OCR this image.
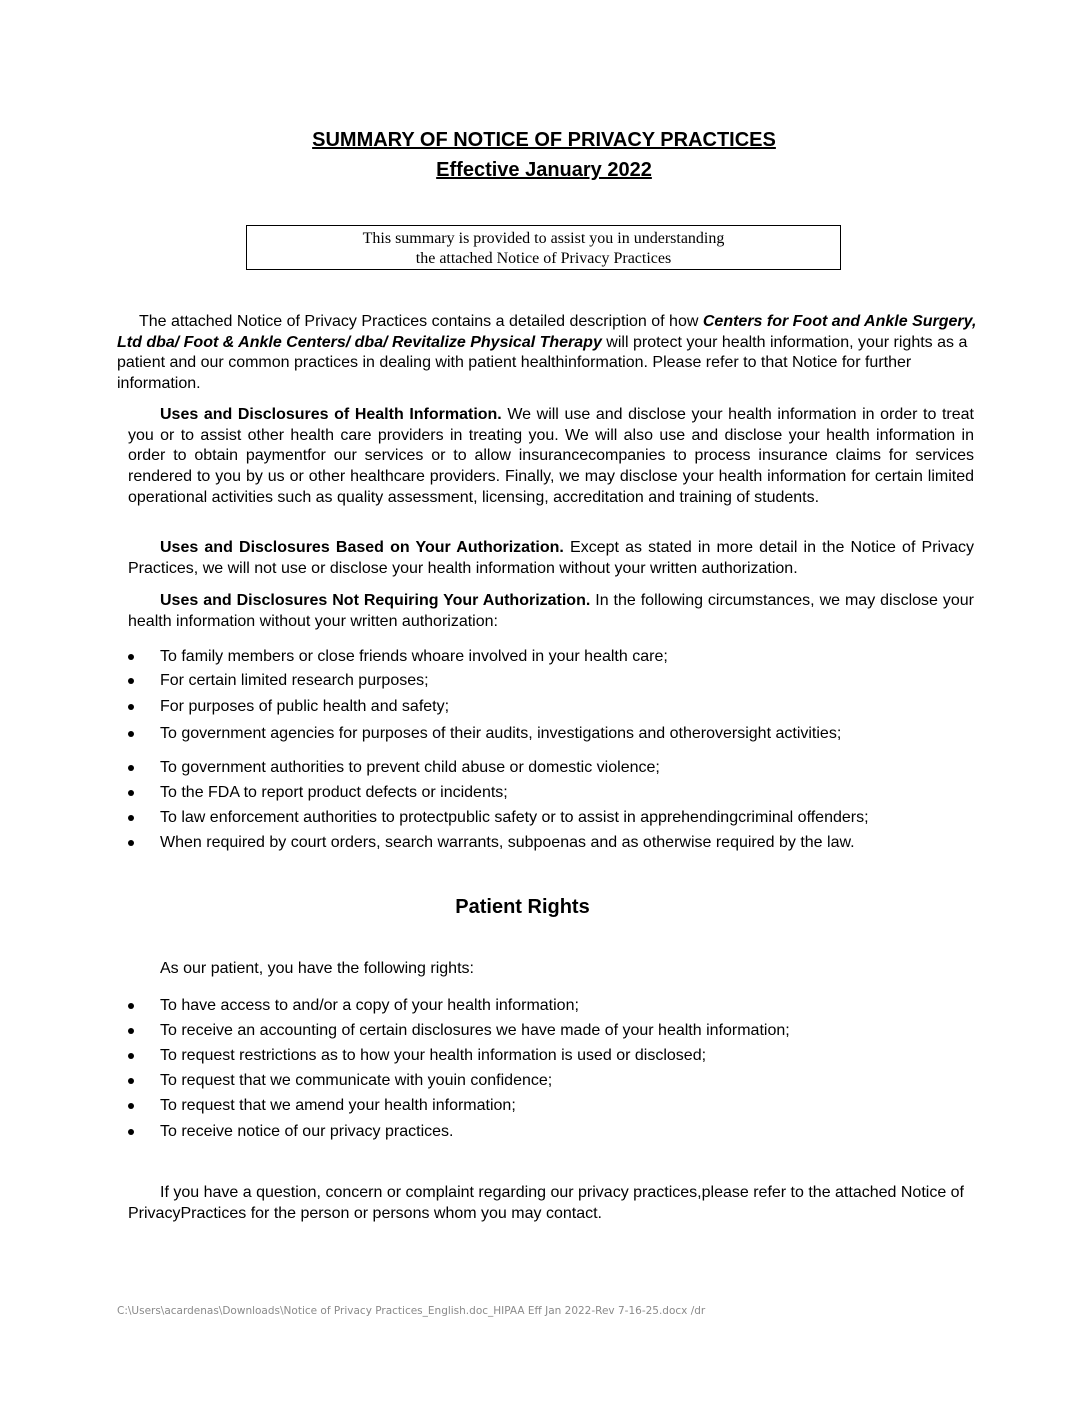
SUMMARY OF NOTICE OF PRIVACY PRACTICES
Effective January 2022
This summary is provided to assist you in understanding
the attached Notice of Privacy Practices
The attached Notice of Privacy Practices contains a detailed description of how Centers for Foot and Ankle Surgery, Ltd dba/ Foot & Ankle Centers/ dba/ Revitalize Physical Therapy will protect your health information, your rights as a patient and our common practices in dealing with patient healthinformation. Please refer to that Notice for further information.
Uses and Disclosures of Health Information. We will use and disclose your health information in order to treat you or to assist other health care providers in treating you. We will also use and disclose your health information in order to obtain paymentfor our services or to allow insurancecompanies to process insurance claims for services rendered to you by us or other healthcare providers. Finally, we may disclose your health information for certain limited operational activities such as quality assessment, licensing, accreditation and training of students.
Uses and Disclosures Based on Your Authorization. Except as stated in more detail in the Notice of Privacy Practices, we will not use or disclose your health information without your written authorization.
Uses and Disclosures Not Requiring Your Authorization. In the following circumstances, we may disclose your health information without your written authorization:
To family members or close friends whoare involved in your health care;
For certain limited research purposes;
For purposes of public health and safety;
To government agencies for purposes of their audits, investigations and otheroversight activities;
To government authorities to prevent child abuse or domestic violence;
To the FDA to report product defects or incidents;
To law enforcement authorities to protectpublic safety or to assist in apprehendingcriminal offenders;
When required by court orders, search warrants, subpoenas and as otherwise required by the law.
Patient Rights
As our patient, you have the following rights:
To have access to and/or a copy of your health information;
To receive an accounting of certain disclosures we have made of your health information;
To request restrictions as to how your health information is used or disclosed;
To request that we communicate with youin confidence;
To request that we amend your health information;
To receive notice of our privacy practices.
If you have a question, concern or complaint regarding our privacy practices,please refer to the attached Notice of PrivacyPractices for the person or persons whom you may contact.
C:\Users\acardenas\Downloads\Notice of Privacy Practices_English.doc_HIPAA Eff Jan 2022-Rev 7-16-25.docx /dr
